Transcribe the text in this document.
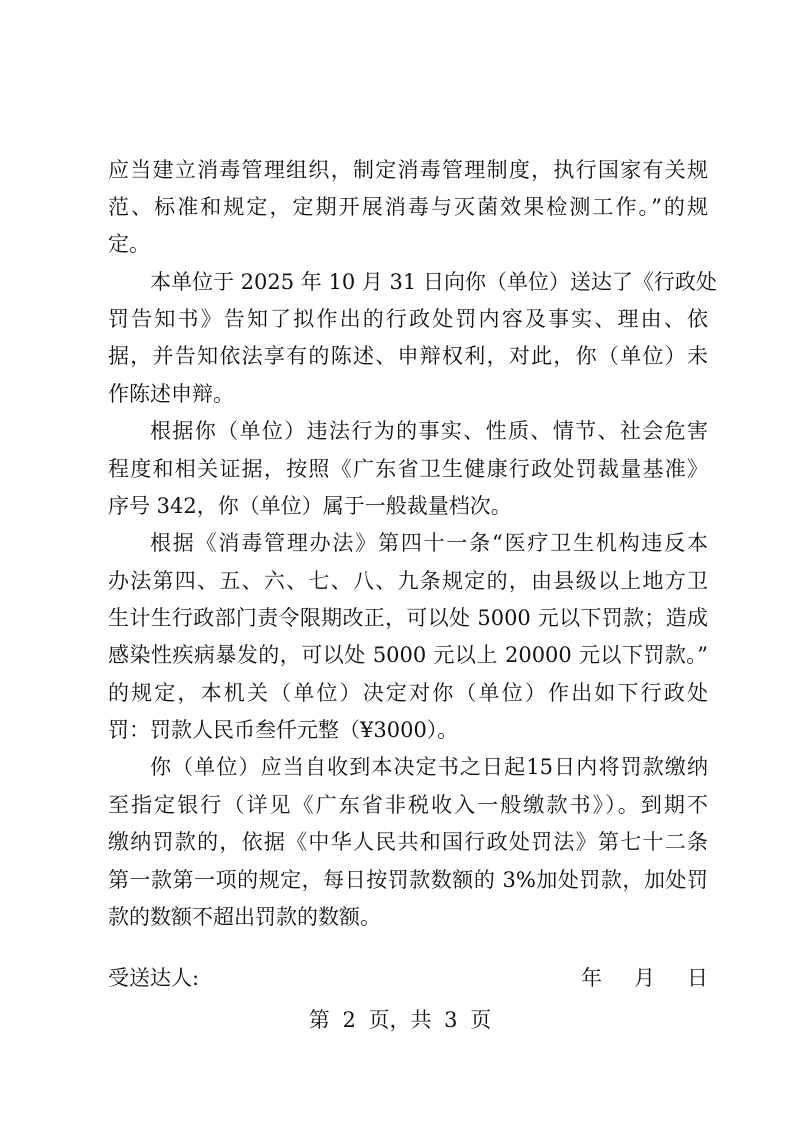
应当建立消毒管理组织，制定消毒管理制度，执行国家有关规
范、标准和规定，定期开展消毒与灭菌效果检测工作。”的规
定。
本单位于 2025 年 10 月 31 日向你（单位）送达了《行政处
罚告知书》告知了拟作出的行政处罚内容及事实、理由、依
据，并告知依法享有的陈述、申辩权利，对此，你（单位）未
作陈述申辩。
根据你（单位）违法行为的事实、性质、情节、社会危害
程度和相关证据，按照《广东省卫生健康行政处罚裁量基准》
序号 342，你（单位）属于一般裁量档次。
根据《消毒管理办法》第四十一条“医疗卫生机构违反本
办法第四、五、六、七、八、九条规定的，由县级以上地方卫
生计生行政部门责令限期改正，可以处 5000 元以下罚款；造成
感染性疾病暴发的，可以处 5000 元以上 20000 元以下罚款。”
的规定，本机关（单位）决定对你（单位）作出如下行政处
罚：罚款人民币叁仟元整（¥3000）。
你（单位）应当自收到本决定书之日起15日内将罚款缴纳
至指定银行（详见《广东省非税收入一般缴款书》）。到期不
缴纳罚款的，依据《中华人民共和国行政处罚法》第七十二条
第一款第一项的规定，每日按罚款数额的 3%加处罚款，加处罚
款的数额不超出罚款的数额。
受送达人:	年 月 日
第 2 页，共 3 页
